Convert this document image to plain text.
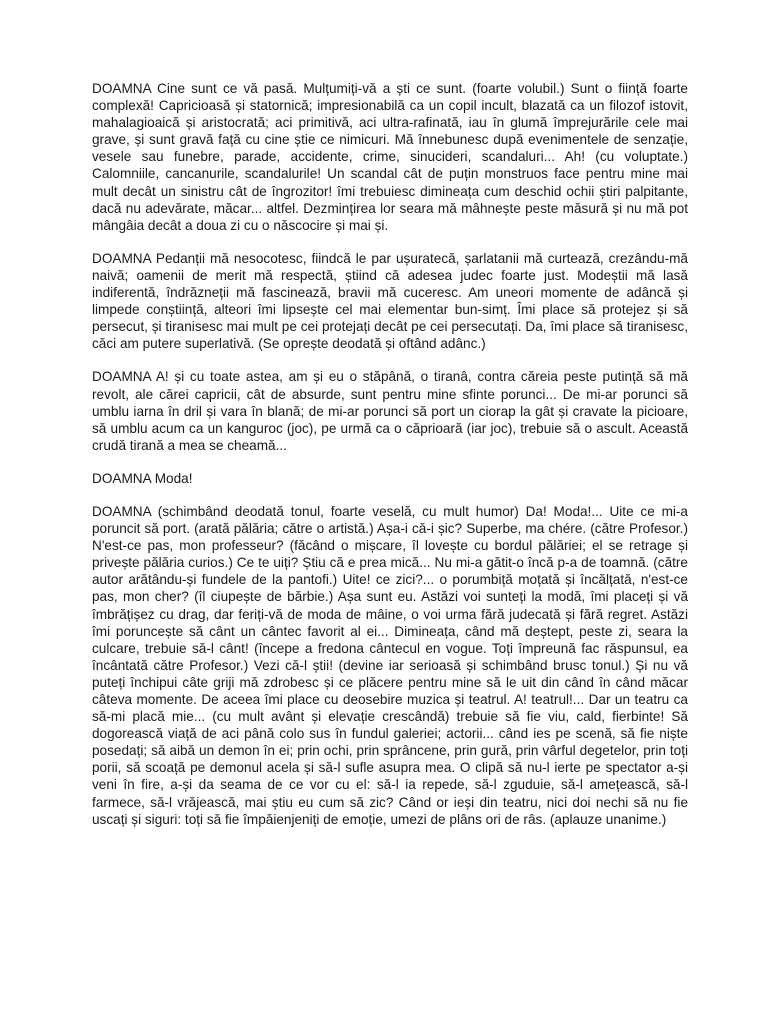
DOAMNA Cine sunt ce vă pasă. Mulțumiți-vă a ști ce sunt. (foarte volubil.) Sunt o ființă foarte complexă! Capricioasă și statornică; impresionabilă ca un copil incult, blazată ca un filozof istovit, mahalagioaică și aristocrată; aci primitivă, aci ultra-rafinată, iau în glumă împrejurările cele mai grave, și sunt gravă față cu cine știe ce nimicuri. Mă înnebunesc după evenimentele de senzație, vesele sau funebre, parade, accidente, crime, sinucideri, scandaluri... Ah! (cu voluptate.) Calomniile, cancanurile, scandalurile! Un scandal cât de puțin monstruos face pentru mine mai mult decât un sinistru cât de îngrozitor! îmi trebuiesc dimineața cum deschid ochii știri palpitante, dacă nu adevărate, măcar... altfel. Dezmințirea lor seara mă mâhnește peste măsură și nu mă pot mângâia decât a doua zi cu o născocire și mai și.

DOAMNA Pedanții mă nesocotesc, fiindcă le par ușuratecă, șarlatanii mă curtează, crezându-mă naivă; oamenii de merit mă respectă, știind că adesea judec foarte just. Modeștii mă lasă indiferentă, îndrăzneții mă fascinează, bravii mă cuceresc. Am uneori momente de adâncă și limpede conștiință, alteori îmi lipsește cel mai elementar bun-simț. Îmi place să protejez și să persecut, și tiranisesc mai mult pe cei protejați decât pe cei persecutați. Da, îmi place să tiranisesc, căci am putere superlativă. (Se oprește deodată și oftând adânc.)

DOAMNA A! și cu toate astea, am și eu o stăpână, o tiranâ, contra căreia peste putință să mă revolt, ale cărei capricii, cât de absurde, sunt pentru mine sfinte porunci... De mi-ar porunci să umblu iarna în dril și vara în blană; de mi-ar porunci să port un ciorap la gât și cravate la picioare, să umblu acum ca un kanguroc (joc), pe urmă ca o căprioară (iar joc), trebuie să o ascult. Această crudă tirană a mea se cheamă...

DOAMNA Moda!

DOAMNA (schimbând deodată tonul, foarte veselă, cu mult humor) Da! Moda!... Uite ce mi-a poruncit să port. (arată pălăria; către o artistă.) Așa-i că-i șic? Superbe, ma chére. (către Profesor.) N'est-ce pas, mon professeur? (făcând o mișcare, îl lovește cu bordul pălăriei; el se retrage și privește pălăria curios.) Ce te uiți? Știu că e prea mică... Nu mi-a gătit-o încă p-a de toamnă. (către autor arătându-și fundele de la pantofi.) Uite! ce zici?... o porumbiță moțată și încălțată, n'est-ce pas, mon cher? (îl ciupește de bărbie.) Așa sunt eu. Astăzi voi sunteți la modă, îmi placeți și vă îmbrățișez cu drag, dar feriți-vă de moda de mâine, o voi urma fără judecată și fără regret. Astăzi îmi poruncește să cânt un cântec favorit al ei... Dimineața, când mă deștept, peste zi, seara la culcare, trebuie să-l cânt! (începe a fredona cântecul en vogue. Toți împreună fac răspunsul, ea încântată către Profesor.) Vezi că-l știi! (devine iar serioasă și schimbând brusc tonul.) Și nu vă puteți închipui câte griji mă zdrobesc și ce plăcere pentru mine să le uit din când în când măcar câteva momente. De aceea îmi place cu deosebire muzica și teatrul. A! teatrul!... Dar un teatru ca să-mi placă mie... (cu mult avânt și elevație crescândă) trebuie să fie viu, cald, fierbinte! Să dogorească viață de aci până colo sus în fundul galeriei; actorii... când ies pe scenă, să fie niște posedați; să aibă un demon în ei; prin ochi, prin sprâncene, prin gură, prin vârful degetelor, prin toți porii, să scoață pe demonul acela și să-l sufle asupra mea. O clipă să nu-l ierte pe spectator a-și veni în fire, a-și da seama de ce vor cu el: să-l ia repede, să-l zguduie, să-l amețească, să-l farmece, să-l vrăjească, mai știu eu cum să zic? Când or ieși din teatru, nici doi nechi să nu fie uscați și siguri: toți să fie împăienjeniți de emoție, umezi de plâns ori de râs. (aplauze unanime.)
